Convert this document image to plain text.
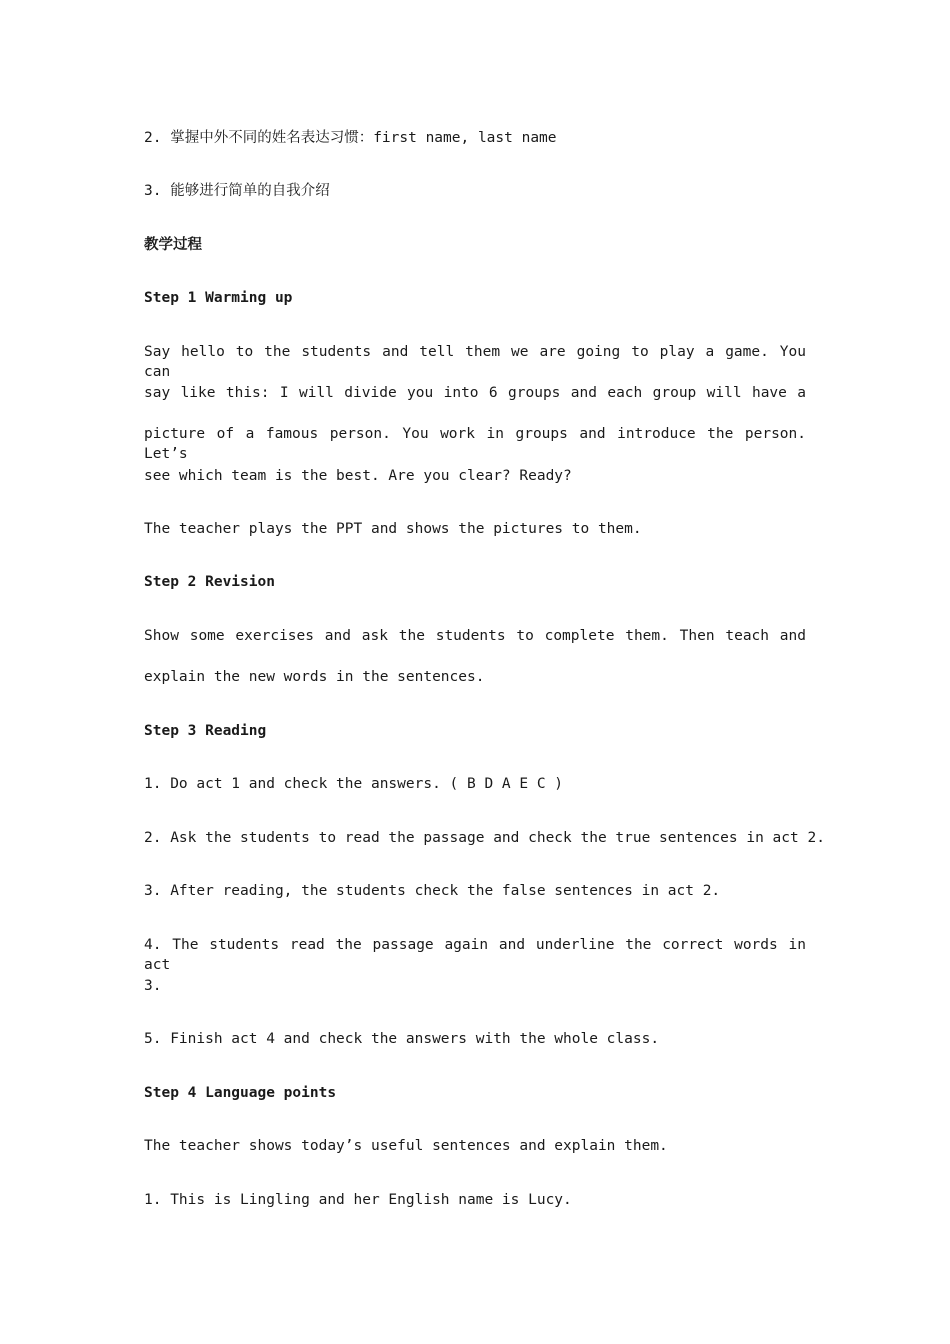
2. 掌握中外不同的姓名表达习惯：first name, last name
3. 能够进行简单的自我介绍
教学过程
Step 1 Warming up
Say hello to the students and tell them we are going to play a game. You can
say like this: I will divide you into 6 groups and each group will have a
picture of a famous person. You work in groups and introduce the person. Let’s
see which team is the best. Are you clear? Ready?
The teacher plays the PPT and shows the pictures to them.
Step 2 Revision
Show some exercises and ask the students to complete them. Then teach and
explain the new words in the sentences.
Step 3 Reading
1. Do act 1 and check the answers. ( B D A E C )
2. Ask the students to read the passage and check the true sentences in act 2.
3. After reading, the students check the false sentences in act 2.
4. The students read the passage again and underline the correct words in act
3.
5. Finish act 4 and check the answers with the whole class.
Step 4 Language points
The teacher shows today’s useful sentences and explain them.
1. This is Lingling and her English name is Lucy.
